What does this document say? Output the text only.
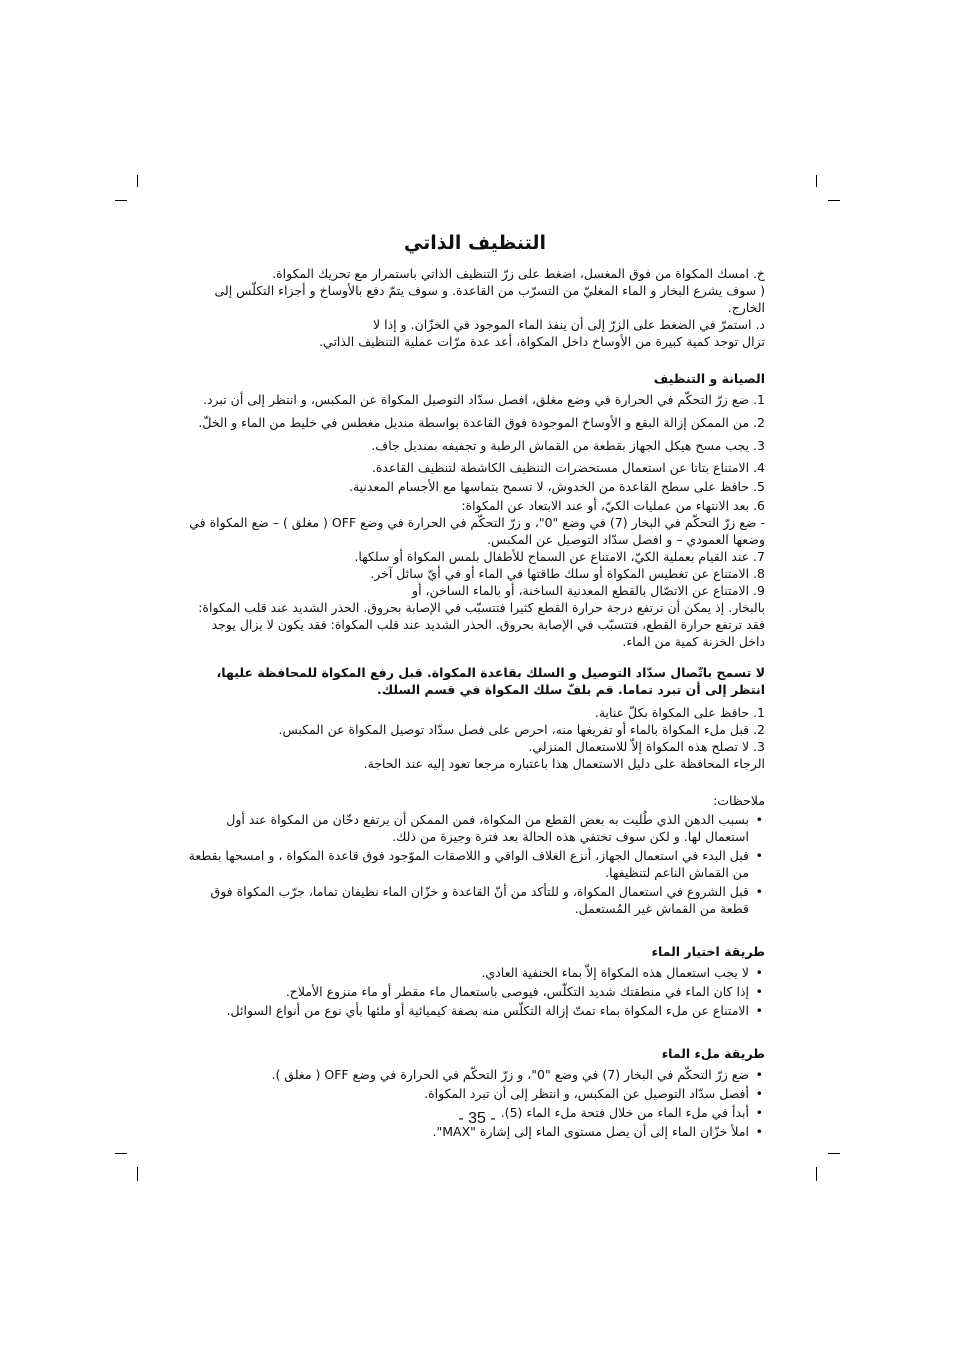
التنظيف الذاتي

خ. امسك المكواة من فوق المغسل، اضغط على زرّ التنظيف الذاتي باستمرار مع تحريك المكواة.

( سوف يشرع البخار و الماء المغليّ من التسرّب من القاعدة. و سوف يتمّ دفع بالأوساخ و أجزاء التكلّس إلى الخارج.

د. استمرّ في الضغط على الزرّ إلى أن ينفذ الماء الموجود في الخزّان. و إذا لا

تزال توجد كمية كبيرة من الأوساخ داخل المكواة، أعد عدة مرّات عملية التنظيف الذاتي.

الصيانة و التنظيف

1. ضع زرّ التحكّم في الحرارة في وضع مغلق، افصل سدّاد التوصيل المكواة عن المكبس، و انتظر إلى أن تبرد.

2. من الممكن إزالة البقع و الأوساخ الموجودة فوق القاعدة بواسطة منديل مغطس في خليط من الماء و الخلّ.

3. يجب مسح هيكل الجهاز بقطعة من القماش الرطبة و تجفيفه بمنديل جاف.

4. الامتناع بتاتا عن استعمال مستحضرات التنظيف الكاشطة لتنظيف القاعدة.

5. حافظ على سطح القاعدة من الخدوش، لا تسمح بتماسها مع الأجسام المعدنية.

6. بعد الانتهاء من عمليات الكيّ، أو عند الابتعاد عن المكواة:

- ضع زرّ التحكّم في البخار (7) في وضع "0"، و زرّ التحكّم في الحرارة في وضع OFF ( مغلق ) – ضع المكواة في وضعها العمودي – و افصل سدّاد التوصيل عن المكبس.

7. عند القيام بعملية الكيّ، الامتناع عن السماح للأطفال بلمس المكواة أو سلكها.

8. الامتناع عن تغطيس المكواة أو سلك طاقتها في الماء أو في أيّ سائل آخر.

9. الامتناع عن الاتصّال بالقطع المعدنية الساخنة، أو بالماء الساخن، أو

بالبخار. إذ يمكن أن ترتفع درجة حرارة القطع كثيرا فتتسبّب في الإصابة بحروق. الحذر الشديد عند قلب المكواة: فقد ترتفع حرارة القطع، فتتسبّب في الإصابة بحروق. الحذر الشديد عند قلب المكواة: فقد يكون لا يزال يوجد داخل الخزنة كمية من الماء.

لا تسمح باتّصال سدّاد التوصيل و السلك بقاعدة المكواة. قبل رفع المكواة للمحافظة عليها، انتظر إلى أن تبرد تماما. قم بلفّ سلك المكواة في قسم السلك.

1. حافظ على المكواة بكلّ عناية.

2. قبل ملء المكواة بالماء أو تفريغها منه، احرص على فصل سدّاد توصيل المكواة عن المكبس.

3. لا تصلح هذه المكواة إلاّ للاستعمال المنزلي.

الرجاء المحافظة على دليل الاستعمال هذا باعتباره مرجعا تعود إليه عند الحاجة.

ملاحظات:
• بسبب الدهن الذي طُليت به بعض القطع من المكواة، فمن الممكن أن يرتفع دخّان من المكواة عند أول استعمال لها. و لكن سوف تختفي هذه الحالة بعد فترة وجيزة من ذلك.
• قبل البدء في استعمال الجهاز، أنزع الغلاف الواقي و اللاصقات الموّجود فوق قاعدة المكواة ، و امسحها بقطعة من القماش الناعم لتنظيفها.
• قبل الشروع في استعمال المكواة، و للتأكد من أنّ القاعدة و خزّان الماء نظيفان تماما، جرّب المكواة فوق قطعة من القماش غير المُستعمل.
طريقة اختيار الماء
• لا يجب استعمال هذه المكواة إلاّ بماء الحنفية العادي.
• إذا كان الماء في منطقتك شديد التكلّس، فيوصى باستعمال ماء مقطر أو ماء منزوع الأملاح.
• الامتناع عن ملء المكواة بماء تمتّ إزالة التكلّس منه بصفة كيميائية أو ملئها بأي نوع من أنواع السوائل.
طريقة ملء الماء
• ضع زرّ التحكّم في البخار (7) في وضع "0"، و زرّ التحكّم في الحرارة في وضع OFF ( مغلق ).
• أفصل سدّاد التوصيل عن المكبس، و انتظر إلى أن تبرد المكواة.
• أبدأ في ملء الماء من خلال فتحة ملء الماء (5).
• املأ خزّان الماء إلى أن يصل مستوى الماء إلى إشارة "MAX".
- 35 -
